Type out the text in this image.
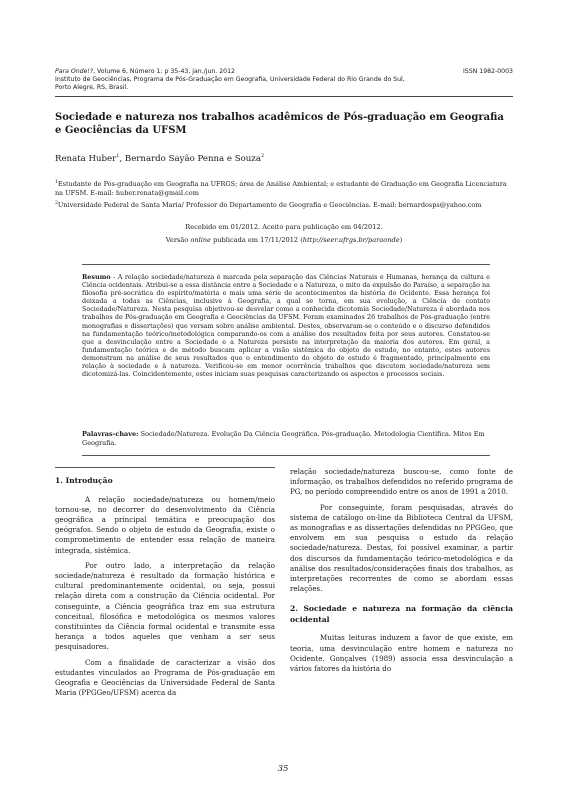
Para Onde!?, Volume 6, Número 1: p 35-43, jan./jun. 2012
Instituto de Geociências, Programa de Pós-Graduação em Geografia, Universidade Federal do Rio Grande do Sul,
Porto Alegre, RS, Brasil.
ISSN 1982-0003
Sociedade e natureza nos trabalhos acadêmicos de Pós-graduação em Geografia e Geociências da UFSM
Renata Huber$^1$, Bernardo Sayão Penna e Souza$^2$
$^1$Estudante de Pós-graduação em Geografia na UFRGS; área de Análise Ambiental; e estudante de Graduação em Geografia Licenciatura na UFSM. E-mail: huber.renata@gmail.com
$^2$Universidade Federal de Santa Maria/ Professor do Departamento de Geografia e Geociências. E-mail: bernardosps@yahoo.com
Recebido em 01/2012. Aceito para publicação em 04/2012.
Versão online publicada em 17/11/2012 (http://seer.ufrgs.br/paraonde)
Resumo - A relação sociedade/natureza é marcada pela separação das Ciências Naturais e Humanas, herança da cultura e Ciência ocidentais. Atribui-se a essa distância entre a Sociedade e a Natureza, o mito da expulsão do Paraíso, a separação na filosofia pré-socrática do espírito/matéria e mais uma série de acontecimentos da história do Ocidente. Essa herança foi deixada a todas as Ciências, inclusive à Geografia, a qual se torna, em sua evolução, a Ciência de contato Sociedade/Natureza. Nesta pesquisa objetivou-se desvelar como a conhecida dicotomia Sociedade/Natureza é abordada nos trabalhos de Pós-graduação em Geografia e Geociências da UFSM. Foram examinados 26 trabalhos de Pós-graduação (entre monografias e dissertações) que versam sobre análise ambiental. Destes, observaram-se o conteúdo e o discurso defendidos na fundamentação teórico/metodológica comparando-os com a análise dos resultados feita por seus autores. Constatou-se que a desvinculação entre a Sociedade e a Natureza persiste na interpretação da maioria dos autores. Em geral, a fundamentação teórica e de método buscam aplicar a visão sistêmica do objeto de estudo, no entanto, estes autores demonstram na análise de seus resultados que o entendimento do objeto de estudo é fragmentado, principalmente em relação à sociedade e à natureza. Verificou-se em menor ocorrência trabalhos que discutem sociedade/natureza sem dicotomizá-las. Coincidentemente, estes iniciam suas pesquisas caracterizando os aspectos e processos sociais.
Palavras-chave: Sociedade/Natureza. Evolução Da Ciência Geográfica. Pós-graduação. Metodologia Científica. Mitos Em Geografia.
1. Introdução

A relação sociedade/natureza ou homem/meio tornou-se, no decorrer do desenvolvimento da Ciência geográfica a principal temática e preocupação dos geógrafos. Sendo o objeto de estudo da Geografia, existe o comprometimento de entender essa relação de maneira integrada, sistêmica.

Por outro lado, a interpretação da relação sociedade/natureza é resultado da formação histórica e cultural predominantemente ocidental, ou seja, possui relação direta com a construção da Ciência ocidental. Por conseguinte, a Ciência geográfica traz em sua estrutura conceitual, filosófica e metodológica os mesmos valores constituintes da Ciência formal ocidental e transmite essa herança a todos aqueles que venham a ser seus pesquisadores.

Com a finalidade de caracterizar a visão dos estudantes vinculados ao Programa de Pós-graduação em Geografia e Geociências da Universidade Federal de Santa Maria (PPGGeo/UFSM) acerca da

relação sociedade/natureza buscou-se, como fonte de informação, os trabalhos defendidos no referido programa de PG, no período compreendido entre os anos de 1991 a 2010.

Por conseguinte, foram pesquisadas, através do sistema de catálogo on-line da Biblioteca Central da UFSM, as monografias e as dissertações defendidas no PPGGeo, que envolvem em sua pesquisa o estudo da relação sociedade/natureza. Destas, foi possível examinar, a partir dos discursos da fundamentação teórico-metodológica e da análise dos resultados/considerações finais dos trabalhos, as interpretações recorrentes de como se abordam essas relações.

2. Sociedade e natureza na formação da ciência ocidental

Muitas leituras induzem a favor de que existe, em teoria, uma desvinculação entre homem e natureza no Ocidente. Gonçalves (1989) associa essa desvinculação a vários fatores da história do

35
